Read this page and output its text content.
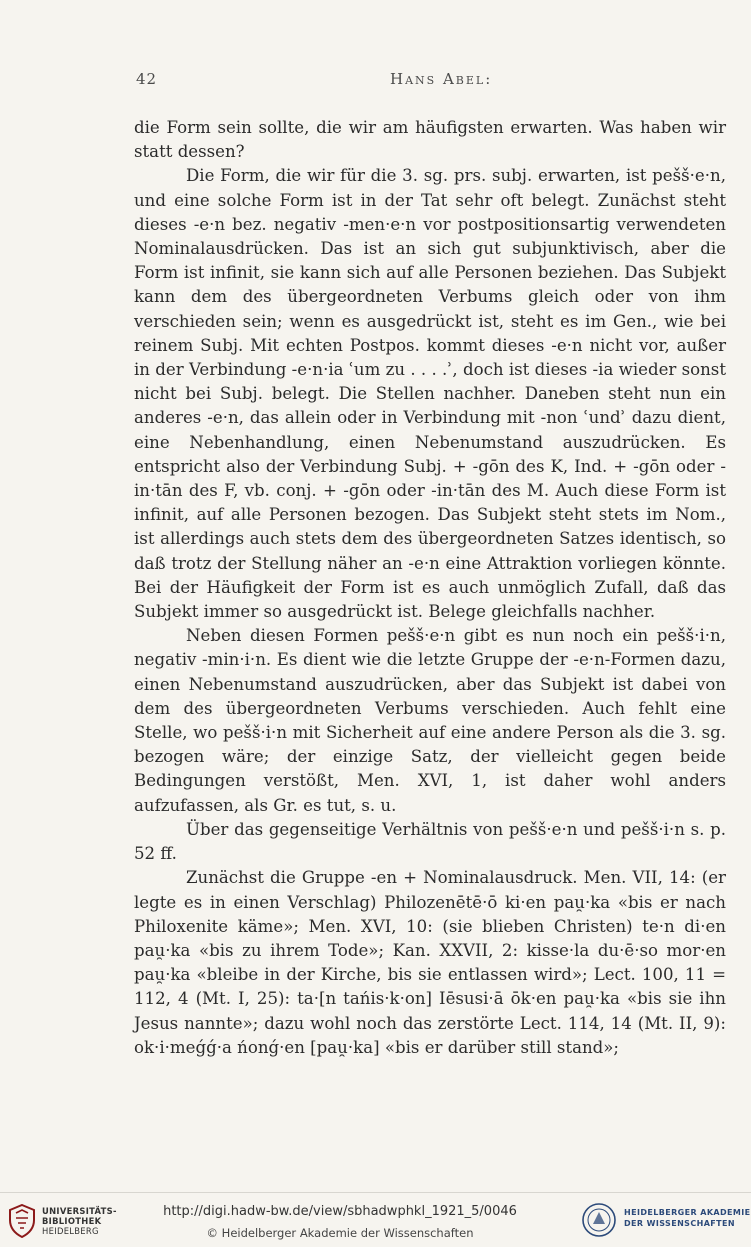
42	Hans Abel:

die Form sein sollte, die wir am häufigsten erwarten. Was haben wir statt dessen?

Die Form, die wir für die 3. sg. prs. subj. erwarten, ist pešš·e·n, und eine solche Form ist in der Tat sehr oft belegt. Zunächst steht dieses -e·n bez. negativ -men·e·n vor postpositionsartig verwendeten Nominalausdrücken. Das ist an sich gut subjunktivisch, aber die Form ist infinit, sie kann sich auf alle Personen beziehen. Das Subjekt kann dem des übergeordneten Verbums gleich oder von ihm verschieden sein; wenn es ausgedrückt ist, steht es im Gen., wie bei reinem Subj. Mit echten Postpos. kommt dieses -e·n nicht vor, außer in der Verbindung -e·n·ia ʿum zu . . . .ʾ, doch ist dieses -ia wieder sonst nicht bei Subj. belegt. Die Stellen nachher. Daneben steht nun ein anderes -e·n, das allein oder in Verbindung mit -non ʿundʾ dazu dient, eine Nebenhandlung, einen Nebenumstand auszudrücken. Es entspricht also der Verbindung Subj. + -gōn des K, Ind. + -gōn oder -in·tān des F, vb. conj. + -gōn oder -in·tān des M. Auch diese Form ist infinit, auf alle Personen bezogen. Das Subjekt steht stets im Nom., ist allerdings auch stets dem des übergeordneten Satzes identisch, so daß trotz der Stellung näher an -e·n eine Attraktion vorliegen könnte. Bei der Häufigkeit der Form ist es auch unmöglich Zufall, daß das Subjekt immer so ausgedrückt ist. Belege gleichfalls nachher.

Neben diesen Formen pešš·e·n gibt es nun noch ein pešš·i·n, negativ -min·i·n. Es dient wie die letzte Gruppe der -e·n-Formen dazu, einen Nebenumstand auszudrücken, aber das Subjekt ist dabei von dem des übergeordneten Verbums verschieden. Auch fehlt eine Stelle, wo pešš·i·n mit Sicherheit auf eine andere Person als die 3. sg. bezogen wäre; der einzige Satz, der vielleicht gegen beide Bedingungen verstößt, Men. XVI, 1, ist daher wohl anders aufzufassen, als Gr. es tut, s. u.

Über das gegenseitige Verhältnis von pešš·e·n und pešš·i·n s. p. 52 ff.

Zunächst die Gruppe -en + Nominalausdruck. Men. VII, 14: (er legte es in einen Verschlag) Philozenētē·ō ki·en pau̯·ka «bis er nach Philoxenite käme»; Men. XVI, 10: (sie blieben Christen) te·n di·en pau̯·ka «bis zu ihrem Tode»; Kan. XXVII, 2: kisse·la du·ē·so mor·en pau̯·ka «bleibe in der Kirche, bis sie entlassen wird»; Lect. 100, 11 = 112, 4 (Mt. I, 25): ta·[n tańis·k·on] Iēsusi·ā ōk·en pau̯·ka «bis sie ihn Jesus nannte»; dazu wohl noch das zerstörte Lect. 114, 14 (Mt. II, 9): ok·i·meǵǵ·a ńonǵ·en [pau̯·ka] «bis er darüber still stand»;

UNIVERSITÄTS-
BIBLIOTHEK
HEIDELBERG
http://digi.hadw-bw.de/view/sbhadwphkl_1921_5/0046
© Heidelberger Akademie der Wissenschaften
HEIDELBERGER AKADEMIE
DER WISSENSCHAFTEN
